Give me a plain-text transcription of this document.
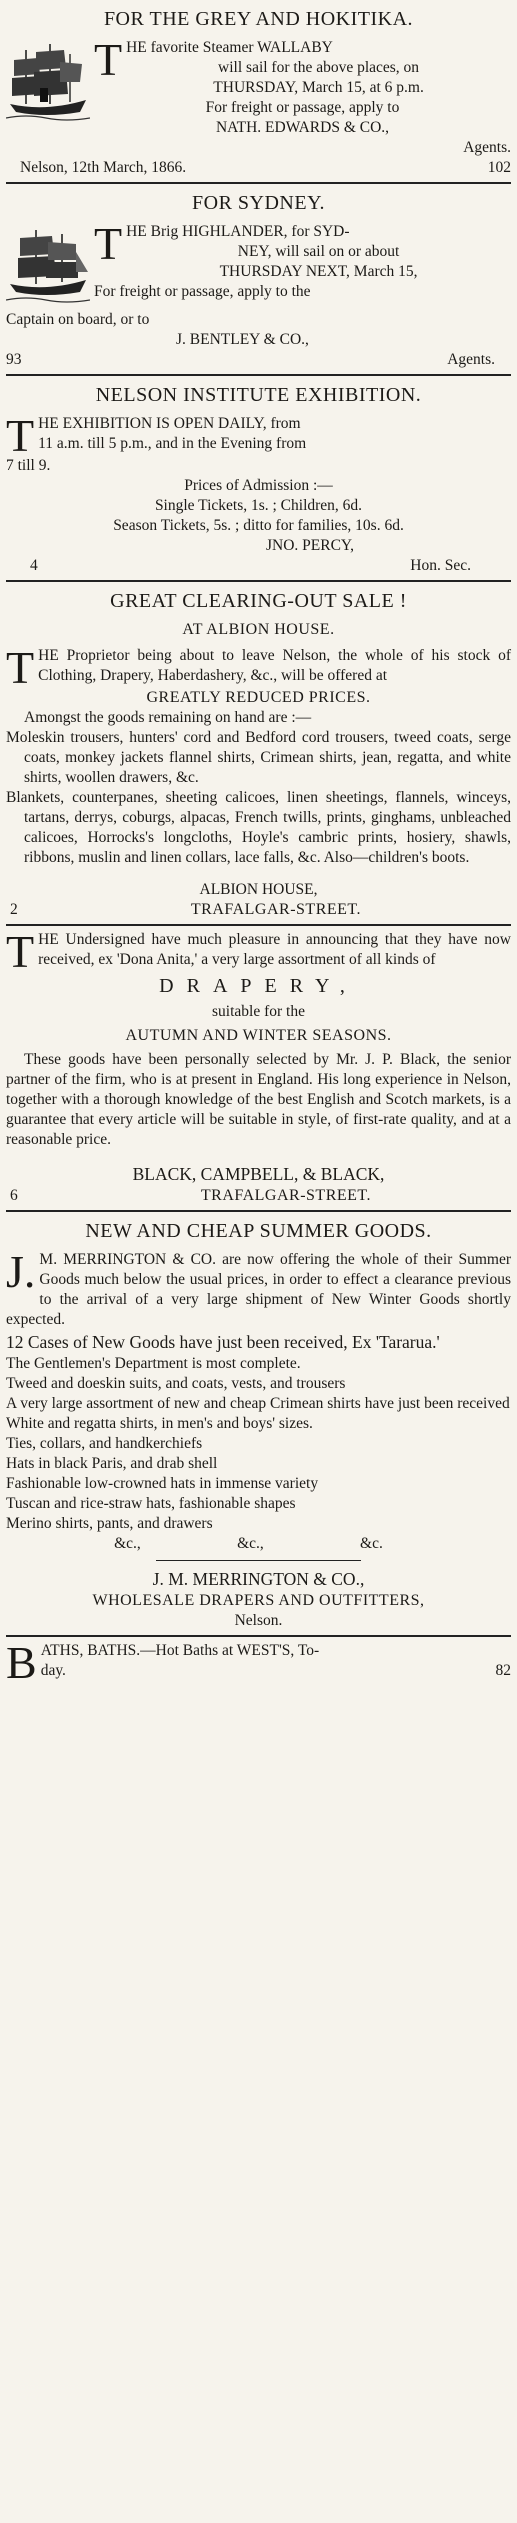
FOR THE GREY AND HOKITIKA.
T HE favorite Steamer WALLABY

will sail for the above places, on

THURSDAY, March 15, at 6 p.m.

For freight or passage, apply to

NATH. EDWARDS & CO.,

Agents.

Nelson, 12th March, 1866.	102
FOR SYDNEY.
T HE Brig HIGHLANDER, for SYD-

NEY, will sail on or about

THURSDAY NEXT, March 15,

For freight or passage, apply to the

Captain on board, or to

J. BENTLEY & CO.,

93	Agents.
NELSON INSTITUTE EXHIBITION.
T HE EXHIBITION IS OPEN DAILY, from

11 a.m. till 5 p.m., and in the Evening from

7 till 9.

Prices of Admission :—

Single Tickets, 1s. ; Children, 6d.

Season Tickets, 5s. ; ditto for families, 10s. 6d.

JNO. PERCY,

4	Hon. Sec.
GREAT CLEARING-OUT SALE !

AT ALBION HOUSE.

T HE Proprietor being about to leave Nelson, the whole of his stock of Clothing, Drapery, Haberdashery, &c., will be offered at

GREATLY REDUCED PRICES.

Amongst the goods remaining on hand are :—

Moleskin trousers, hunters' cord and Bedford cord trousers, tweed coats, serge coats, monkey jackets flannel shirts, Crimean shirts, jean, regatta, and white shirts, woollen drawers, &c.

Blankets, counterpanes, sheeting calicoes, linen sheetings, flannels, winceys, tartans, derrys, coburgs, alpacas, French twills, prints, ginghams, unbleached calicoes, Horrocks's longcloths, Hoyle's cambric prints, hosiery, shawls, ribbons, muslin and linen collars, lace falls, &c. Also—children's boots.

ALBION HOUSE,

2	TRAFALGAR-STREET.
T HE Undersigned have much pleasure in announcing that they have now received, ex 'Dona Anita,' a very large assortment of all kinds of

DRAPERY,

suitable for the

AUTUMN AND WINTER SEASONS.

These goods have been personally selected by Mr. J. P. Black, the senior partner of the firm, who is at present in England. His long experience in Nelson, together with a thorough knowledge of the best English and Scotch markets, is a guarantee that every article will be suitable in style, of first-rate quality, and at a reasonable price.

BLACK, CAMPBELL, & BLACK,

6	TRAFALGAR-STREET.
NEW AND CHEAP SUMMER GOODS.
J. M. MERRINGTON & CO. are now offering the whole of their Summer Goods much below the usual prices, in order to effect a clearance previous to the arrival of a very large shipment of New Winter Goods shortly expected.

12 Cases of New Goods have just been received, Ex 'Tararua.'

The Gentlemen's Department is most complete.

Tweed and doeskin suits, and coats, vests, and trousers

A very large assortment of new and cheap Crimean shirts have just been received

White and regatta shirts, in men's and boys' sizes.

Ties, collars, and handkerchiefs

Hats in black Paris, and drab shell

Fashionable low-crowned hats in immense variety

Tuscan and rice-straw hats, fashionable shapes

Merino shirts, pants, and drawers

&c.,	&c.,	&c.

J. M. MERRINGTON & CO.,

WHOLESALE DRAPERS AND OUTFITTERS,

Nelson.

B ATHS, BATHS.—Hot Baths at WEST'S, To-

day.	82
